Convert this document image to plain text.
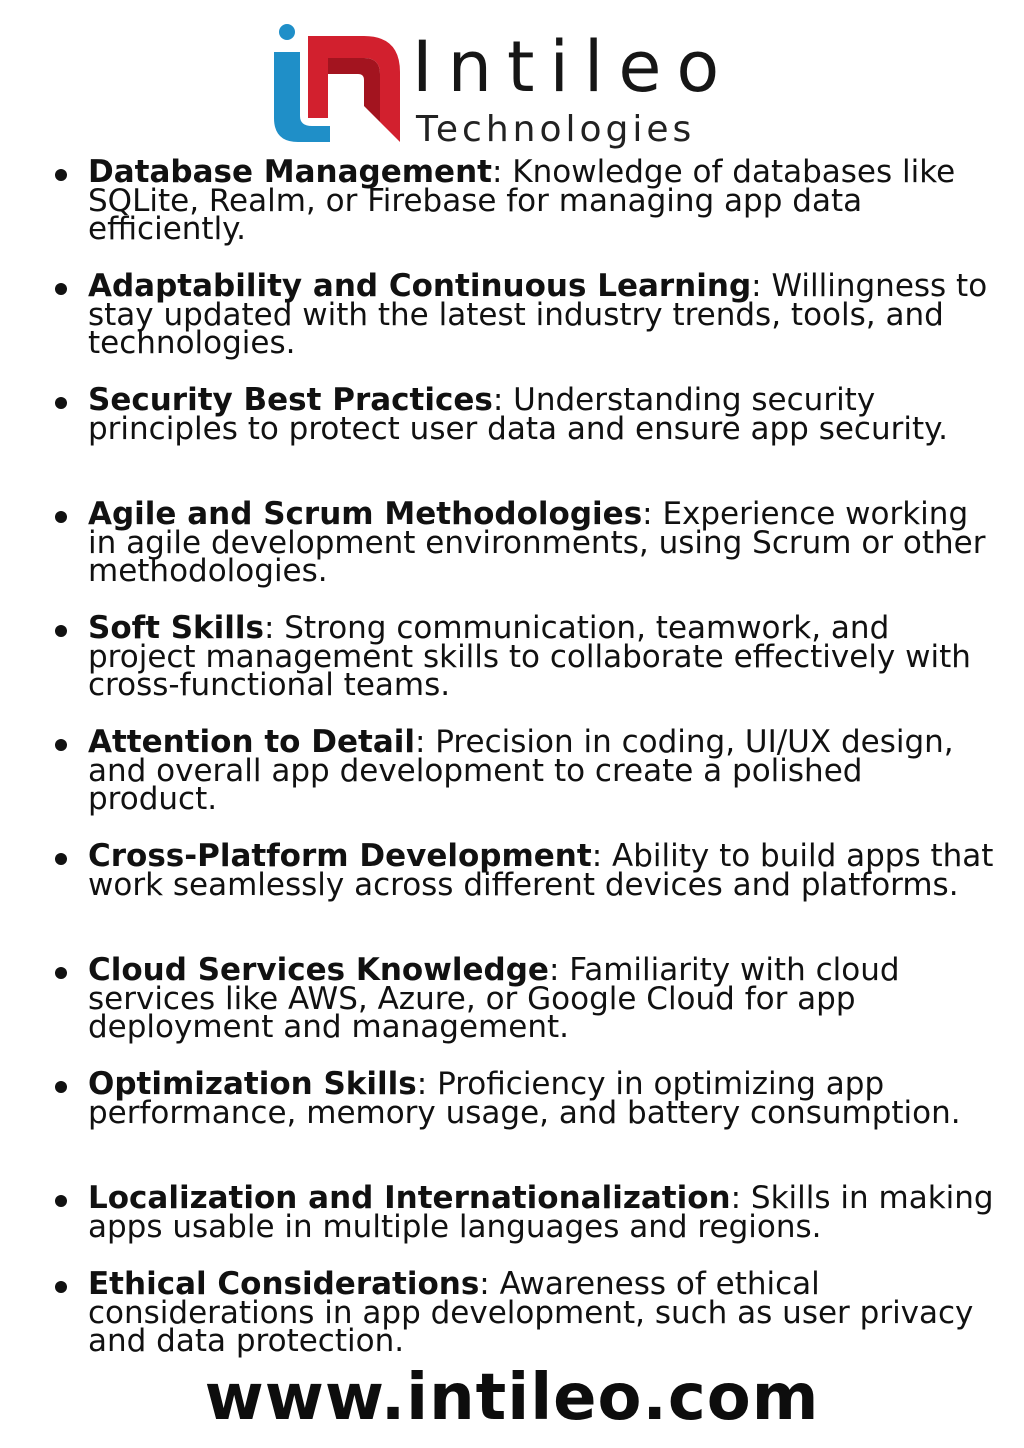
Intileo
Technologies
Database Management: Knowledge of databases like SQLite, Realm, or Firebase for managing app data efficiently.
Adaptability and Continuous Learning: Willingness to stay updated with the latest industry trends, tools, and technologies.
Security Best Practices: Understanding security principles to protect user data and ensure app security.
Agile and Scrum Methodologies: Experience working in agile development environments, using Scrum or other methodologies.
Soft Skills: Strong communication, teamwork, and project management skills to collaborate effectively with cross-functional teams.
Attention to Detail: Precision in coding, UI/UX design, and overall app development to create a polished product.
Cross-Platform Development: Ability to build apps that work seamlessly across different devices and platforms.
Cloud Services Knowledge: Familiarity with cloud services like AWS, Azure, or Google Cloud for app deployment and management.
Optimization Skills: Proficiency in optimizing app performance, memory usage, and battery consumption.
Localization and Internationalization: Skills in making apps usable in multiple languages and regions.
Ethical Considerations: Awareness of ethical considerations in app development, such as user privacy and data protection.
www.intileo.com
